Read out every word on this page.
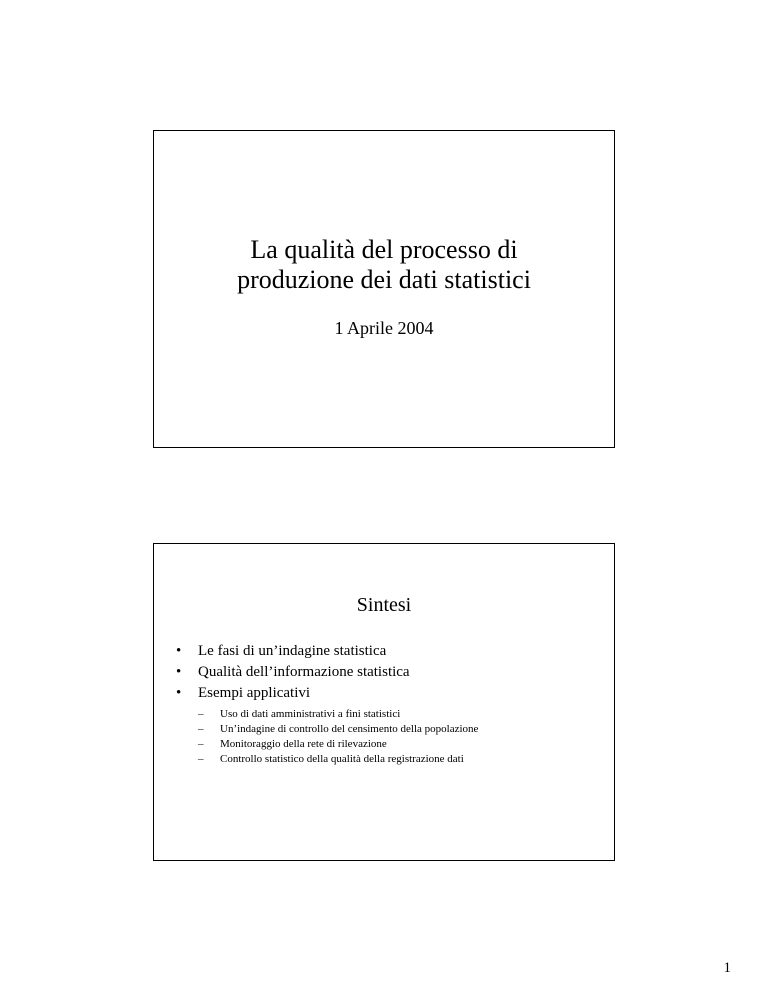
La qualità del processo di
produzione dei dati statistici
1 Aprile 2004
Sintesi
• Le fasi di un’indagine statistica
• Qualità dell’informazione statistica
• Esempi applicativi
– Uso di dati amministrativi a fini statistici
– Un’indagine di controllo del censimento della popolazione
– Monitoraggio della rete di rilevazione
– Controllo statistico della qualità della registrazione dati
1
